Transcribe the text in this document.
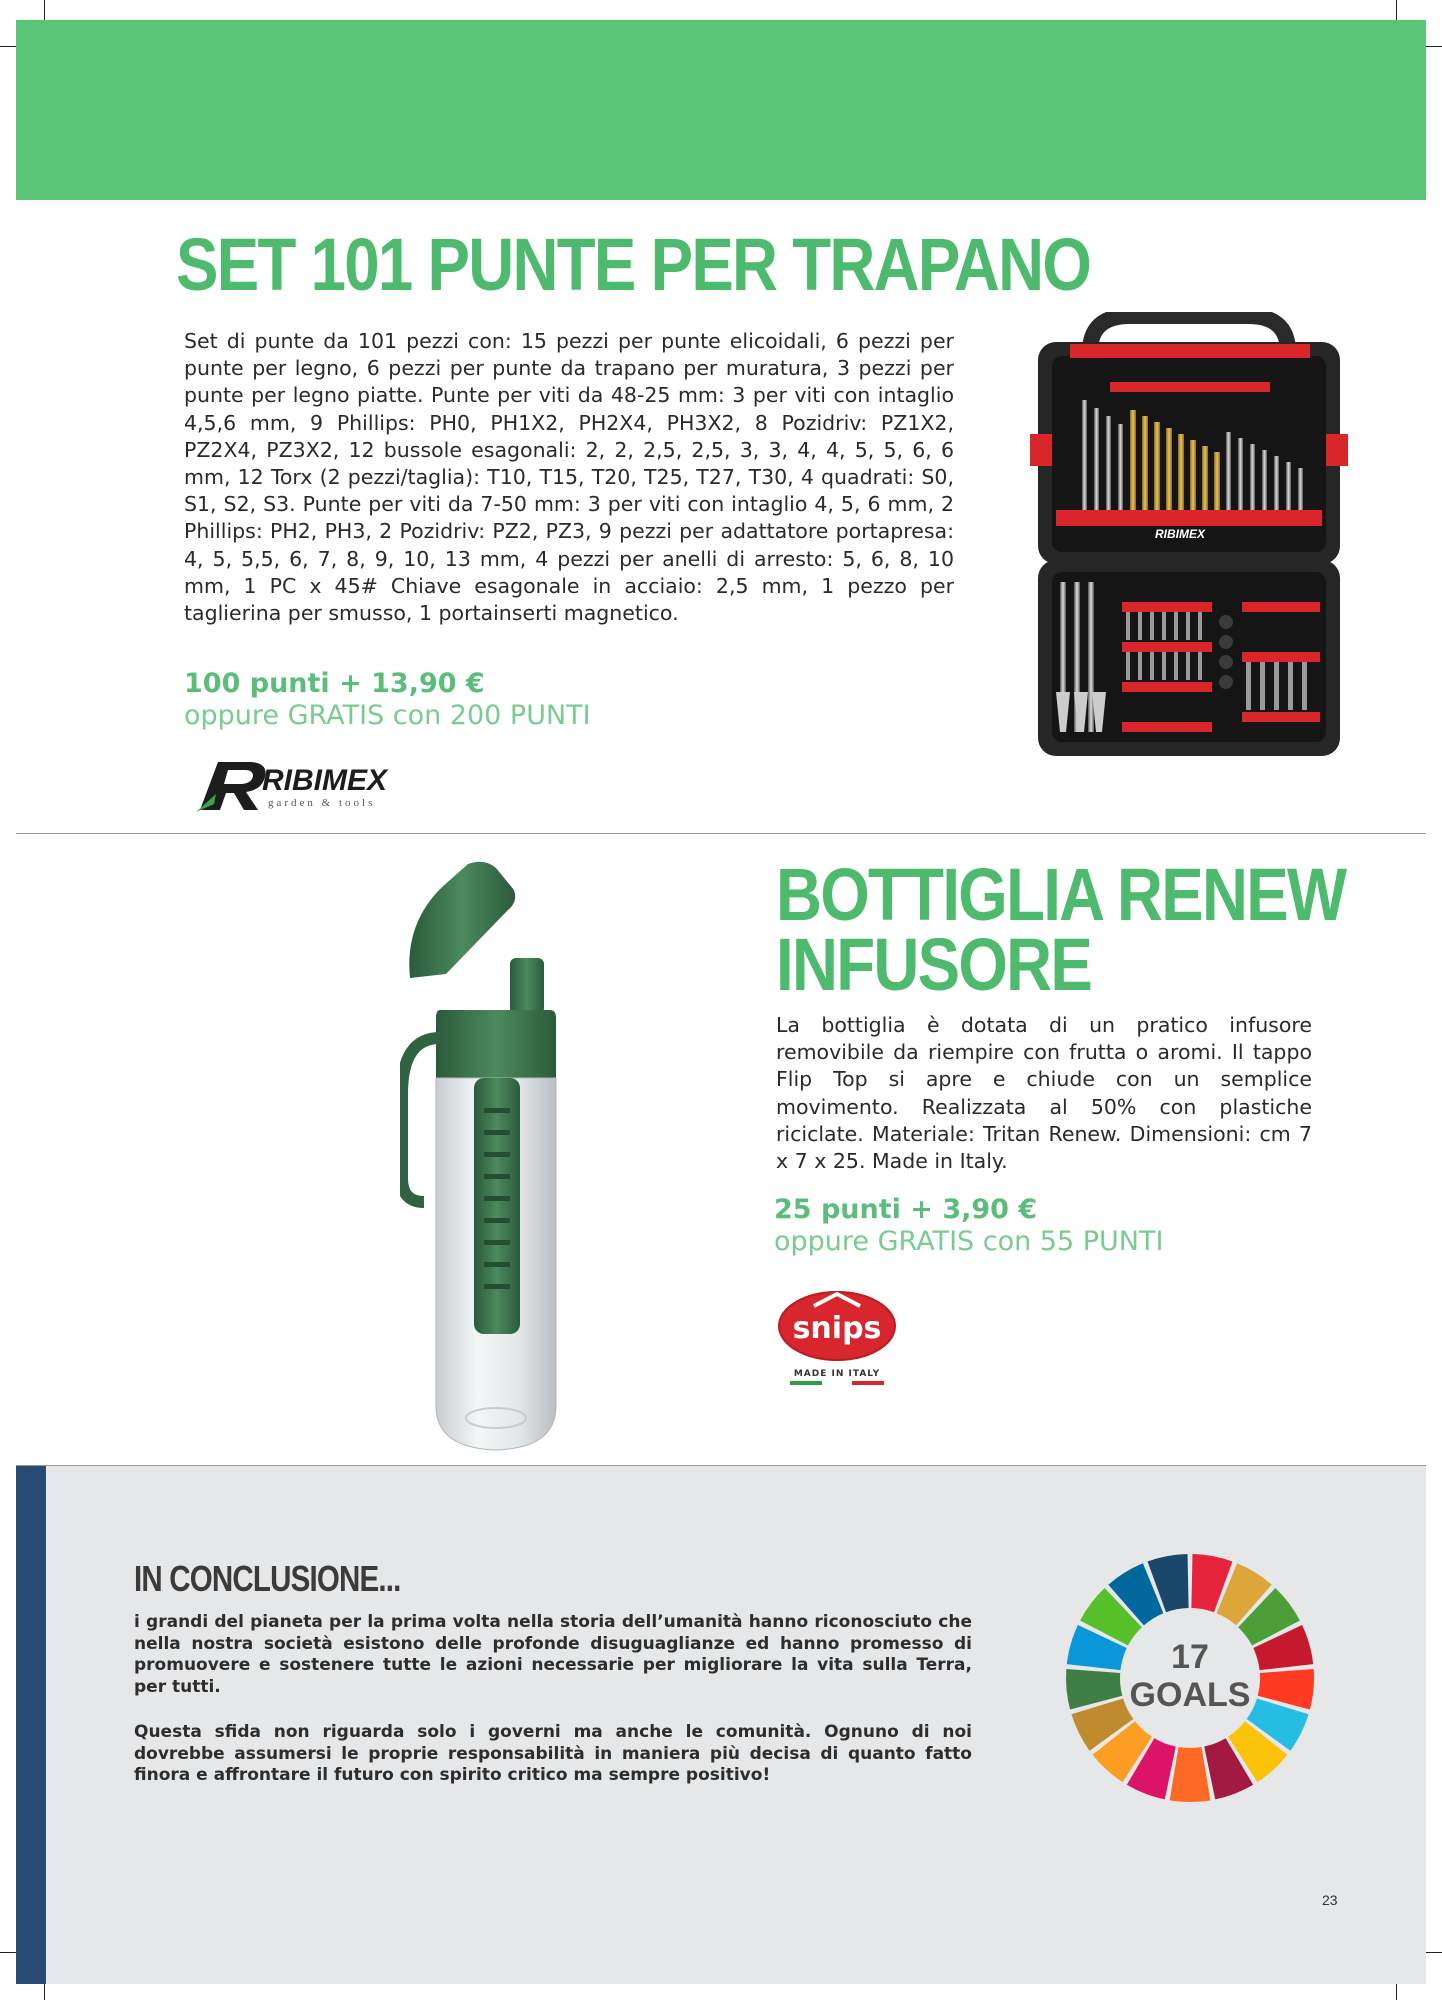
SET 101 PUNTE PER TRAPANO
Set di punte da 101 pezzi con: 15 pezzi per punte elicoidali, 6 pezzi per punte per legno, 6 pezzi per punte da trapano per muratura, 3 pezzi per punte per legno piatte. Punte per viti da 48-25 mm: 3 per viti con intaglio 4,5,6 mm, 9 Phillips: PH0, PH1X2, PH2X4, PH3X2, 8 Pozidriv: PZ1X2, PZ2X4, PZ3X2, 12 bussole esagonali: 2, 2, 2,5, 2,5, 3, 3, 4, 4, 5, 5, 6, 6 mm, 12 Torx (2 pezzi/taglia): T10, T15, T20, T25, T27, T30, 4 quadrati: S0, S1, S2, S3. Punte per viti da 7-50 mm: 3 per viti con intaglio 4, 5, 6 mm, 2 Phillips: PH2, PH3, 2 Pozidriv: PZ2, PZ3, 9 pezzi per adattatore portapresa: 4, 5, 5,5, 6, 7, 8, 9, 10, 13 mm, 4 pezzi per anelli di arresto: 5, 6, 8, 10 mm, 1 PC x 45# Chiave esagonale in acciaio: 2,5 mm, 1 pezzo per taglierina per smusso, 1 portainserti magnetico.
100 punti + 13,90 €
oppure GRATIS con 200 PUNTI
RIBIMEX
garden & tools
RIBIMEX
BOTTIGLIA RENEW
INFUSORE
La bottiglia è dotata di un pratico infusore removibile da riempire con frutta o aromi. Il tappo Flip Top si apre e chiude con un semplice movimento. Realizzata al 50% con plastiche riciclate. Materiale: Tritan Renew. Dimensioni: cm 7 x 7 x 25. Made in Italy.
25 punti + 3,90 €
oppure GRATIS con 55 PUNTI
snips
MADE IN ITALY
IN CONCLUSIONE...
i grandi del pianeta per la prima volta nella storia dell’umanità hanno riconosciuto che nella nostra società esistono delle profonde disuguaglianze ed hanno promesso di promuovere e sostenere tutte le azioni necessarie per migliorare la vita sulla Terra, per tutti.
Questa sfida non riguarda solo i governi ma anche le comunità. Ognuno di noi dovrebbe assumersi le proprie responsabilità in maniera più decisa di quanto fatto finora e affrontare il futuro con spirito critico ma sempre positivo!
17
GOALS
23
